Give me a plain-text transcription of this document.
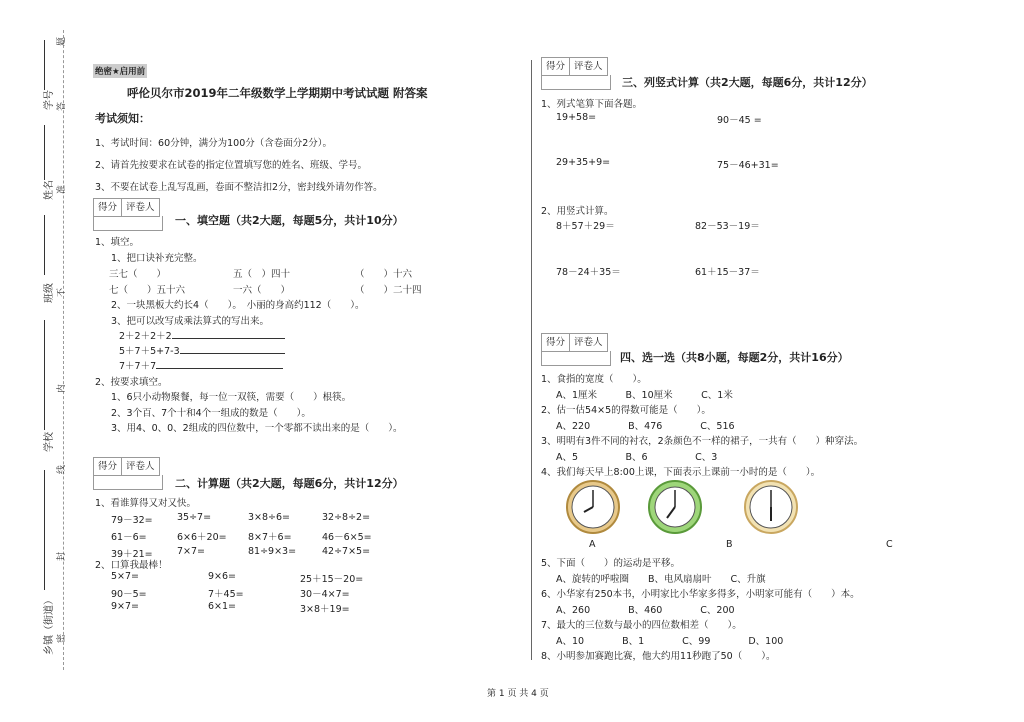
学号
姓名
班级
学校
乡镇（街道）
题
答
准
不
内
线
封
密
绝密★启用前
呼伦贝尔市2019年二年级数学上学期期中考试试题 附答案
考试须知：
1、考试时间：60分钟，满分为100分（含卷面分2分）。
2、请首先按要求在试卷的指定位置填写您的姓名、班级、学号。
3、不要在试卷上乱写乱画，卷面不整洁扣2分，密封线外请勿作答。
得分 评卷人
一、填空题（共2大题，每题5分，共计10分）
1、填空。
1、把口诀补充完整。
三七（　　）	五（　）四十	（　　）十六
七（　　）五十六	一六（　　）	（　　）二十四
2、一块黑板大约长4（　　）。　小丽的身高约112（　　）。
3、把可以改写成乘法算式的写出来。
2＋2＋2＋2
5＋7＋5+7-3
7＋7＋7
2、按要求填空。
1、6只小动物聚餐，每一位一双筷，需要（　　）根筷。
2、3个百、7个十和4个一组成的数是（　　）。
3、用4、0、0、2组成的四位数中，一个零都不读出来的是（　　）。
得分 评卷人
二、计算题（共2大题，每题6分，共计12分）
1、看谁算得又对又快。
79－32=	35÷7=	3×8÷6=	32÷8÷2=
61－6=	6×6＋20= 8×7＋6=	46－6×5=
39＋21=	7×7=	81÷9×3=	42÷7×5=
2、口算我最棒！
5×7=	9×6=	25＋15－20=
90－5=	7＋45=	30－4×7=
9×7=	6×1=	3×8＋19=
得分 评卷人
三、列竖式计算（共2大题，每题6分，共计12分）
1、列式笔算下面各题。
19+58=	90－45 =
29+35+9=	75－46+31=
2、用竖式计算。
8＋57＋29＝	82－53－19＝
78－24＋35＝	61＋15－37＝
得分 评卷人
四、选一选（共8小题，每题2分，共计16分）
1、食指的宽度（　　）。
A、1厘米　　　B、10厘米　　　C、1米
2、估一估54×5的得数可能是（　　）。
A、220　　　　B、476　　　　C、516
3、明明有3件不同的衬衣，2条颜色不一样的裙子，一共有（　　）种穿法。
A、5　　　　　B、6　　　　　C、3
4、我们每天早上8:00上课，下面表示上课前一小时的是（　　）。
A	B	C
5、下面（　　）的运动是平移。
A、旋转的呼啦圈　　B、电风扇扇叶　　C、升旗
6、小华家有250本书，小明家比小华家多得多，小明家可能有（　　）本。
A、260　　　　B、460　　　　C、200
7、最大的三位数与最小的四位数相差（　　）。
A、10　　　　B、1　　　　C、99　　　　D、100
8、小明参加赛跑比赛，他大约用11秒跑了50（　　）。
第 1 页 共 4 页
